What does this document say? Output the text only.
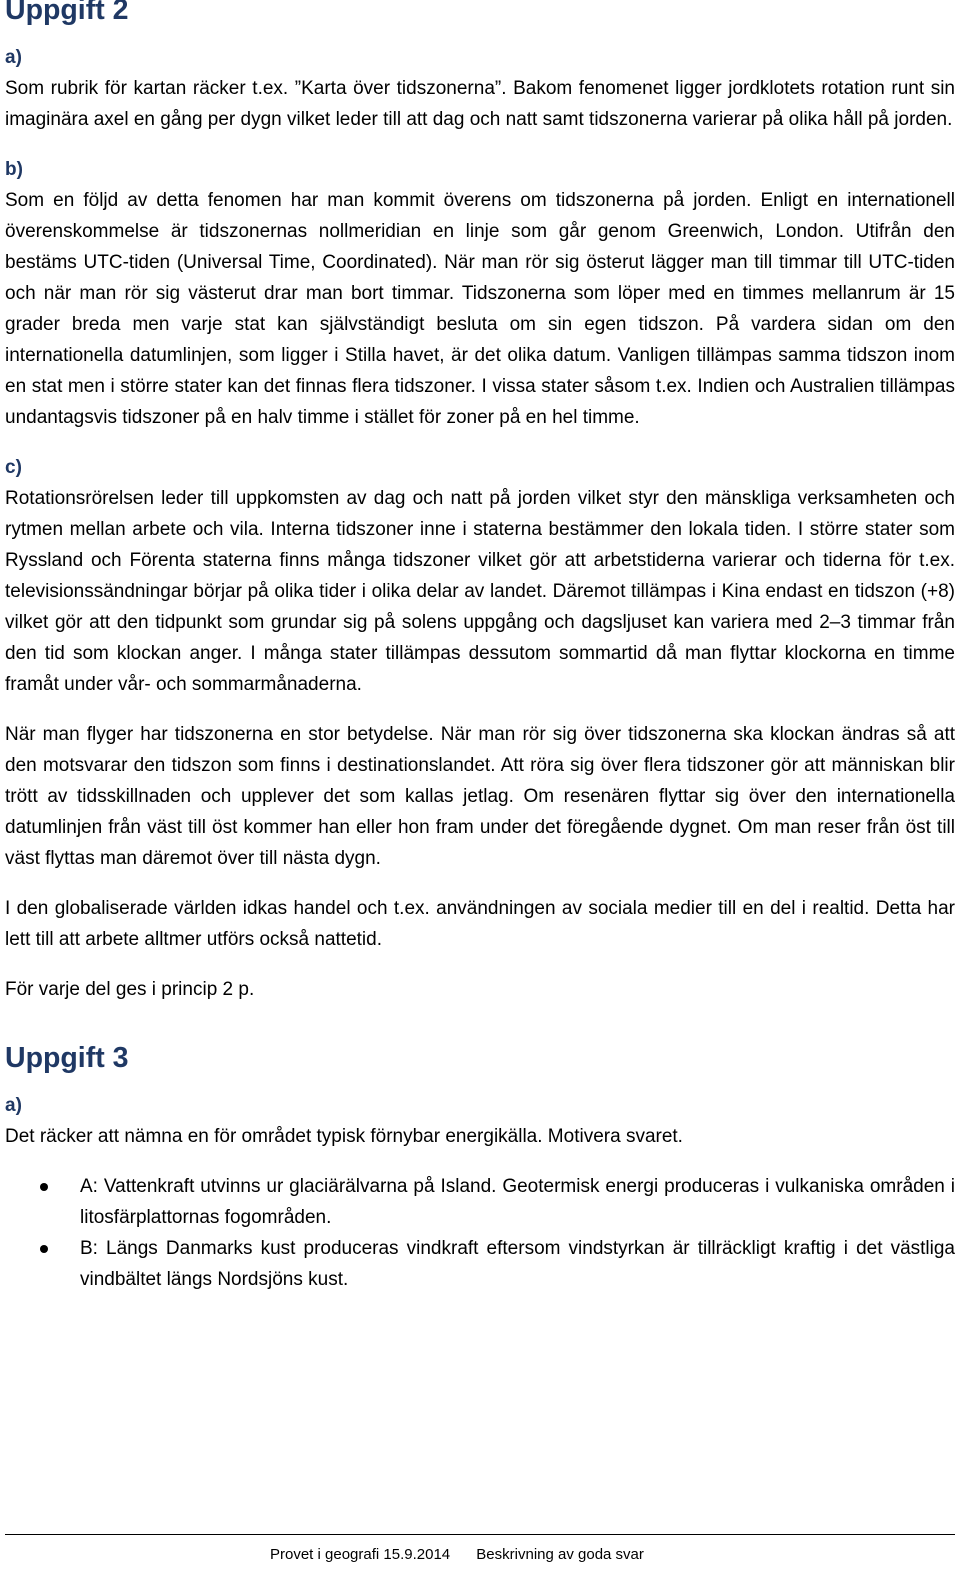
Uppgift 2
a)

Som rubrik för kartan räcker t.ex. ”Karta över tidszonerna”. Bakom fenomenet ligger jordklotets rotation runt sin imaginära axel en gång per dygn vilket leder till att dag och natt samt tidszonerna varierar på olika håll på jorden.

b)

Som en följd av detta fenomen har man kommit överens om tidszonerna på jorden. Enligt en internationell överenskommelse är tidszonernas nollmeridian en linje som går genom Greenwich, London. Utifrån den bestäms UTC-tiden (Universal Time, Coordinated). När man rör sig österut lägger man till timmar till UTC-tiden och när man rör sig västerut drar man bort timmar. Tidszonerna som löper med en timmes mellanrum är 15 grader breda men varje stat kan självständigt besluta om sin egen tidszon. På vardera sidan om den internationella datumlinjen, som ligger i Stilla havet, är det olika datum. Vanligen tillämpas samma tidszon inom en stat men i större stater kan det finnas flera tidszoner. I vissa stater såsom t.ex. Indien och Australien tillämpas undantagsvis tidszoner på en halv timme i stället för zoner på en hel timme.

c)

Rotationsrörelsen leder till uppkomsten av dag och natt på jorden vilket styr den mänskliga verksamheten och rytmen mellan arbete och vila. Interna tidszoner inne i staterna bestämmer den lokala tiden. I större stater som Ryssland och Förenta staterna finns många tidszoner vilket gör att arbetstiderna varierar och tiderna för t.ex. televisionssändningar börjar på olika tider i olika delar av landet. Däremot tillämpas i Kina endast en tidszon (+8) vilket gör att den tidpunkt som grundar sig på solens uppgång och dagsljuset kan variera med 2–3 timmar från den tid som klockan anger. I många stater tillämpas dessutom sommartid då man flyttar klockorna en timme framåt under vår- och sommarmånaderna.

När man flyger har tidszonerna en stor betydelse. När man rör sig över tidszonerna ska klockan ändras så att den motsvarar den tidszon som finns i destinationslandet. Att röra sig över flera tidszoner gör att människan blir trött av tidsskillnaden och upplever det som kallas jetlag. Om resenären flyttar sig över den internationella datumlinjen från väst till öst kommer han eller hon fram under det föregående dygnet. Om man reser från öst till väst flyttas man däremot över till nästa dygn.

I den globaliserade världen idkas handel och t.ex. användningen av sociala medier till en del i realtid. Detta har lett till att arbete alltmer utförs också nattetid.

För varje del ges i princip 2 p.

Uppgift 3
a)

Det räcker att nämna en för området typisk förnybar energikälla. Motivera svaret.

A: Vattenkraft utvinns ur glaciärälvarna på Island. Geotermisk energi produceras i vulkaniska områden i litosfärplattornas fogområden.
B: Längs Danmarks kust produceras vindkraft eftersom vindstyrkan är tillräckligt kraftig i det västliga vindbältet längs Nordsjöns kust.
Provet i geografi 15.9.2014 Beskrivning av goda svar
